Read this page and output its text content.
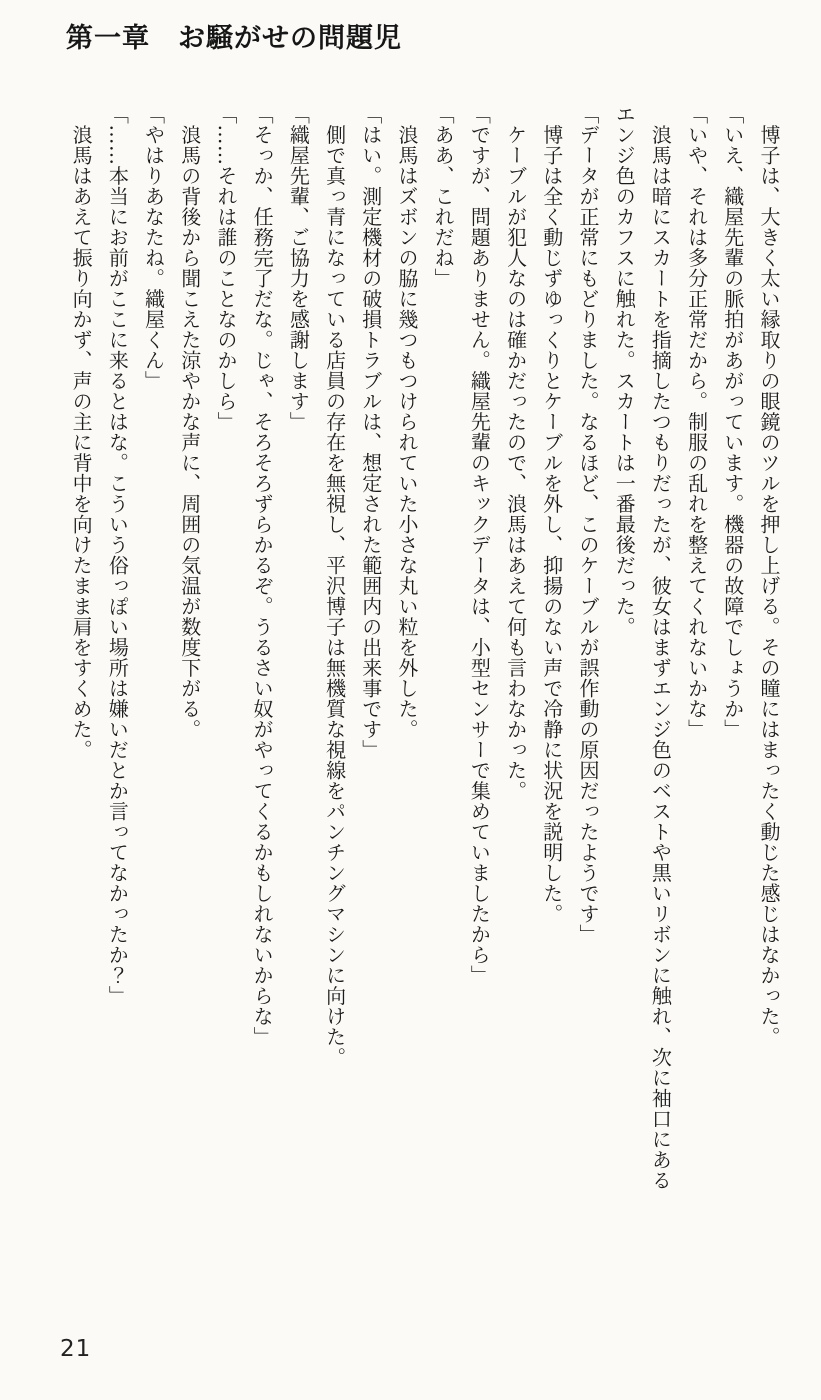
第一章　お騒がせの問題児
　博子は、大きく太い縁取りの眼鏡のツルを押し上げる。その瞳にはまったく動じた感じはなかった。
「いえ、織屋先輩の脈拍があがっています。機器の故障でしょうか」
「いや、それは多分正常だから。制服の乱れを整えてくれないかな」
　浪馬は暗にスカートを指摘したつもりだったが、彼女はまずエンジ色のベストや黒いリボンに触れ、次に袖口にある
エンジ色のカフスに触れた。スカートは一番最後だった。
「データが正常にもどりました。なるほど、このケーブルが誤作動の原因だったようです」
　博子は全く動じずゆっくりとケーブルを外し、抑揚のない声で冷静に状況を説明した。
　ケーブルが犯人なのは確かだったので、浪馬はあえて何も言わなかった。
「ですが、問題ありません。織屋先輩のキックデータは、小型センサーで集めていましたから」
「ああ、これだね」
　浪馬はズボンの脇に幾つもつけられていた小さな丸い粒を外した。
「はい。測定機材の破損トラブルは、想定された範囲内の出来事です」
　側で真っ青になっている店員の存在を無視し、平沢博子は無機質な視線をパンチングマシンに向けた。
「織屋先輩、ご協力を感謝します」
「そっか、任務完了だな。じゃ、そろそろずらかるぞ。うるさい奴がやってくるかもしれないからな」
「……それは誰のことなのかしら」
　浪馬の背後から聞こえた涼やかな声に、周囲の気温が数度下がる。
「やはりあなたね。織屋くん」
「……本当にお前がここに来るとはな。こういう俗っぽい場所は嫌いだとか言ってなかったか？」
　浪馬はあえて振り向かず、声の主に背中を向けたまま肩をすくめた。
21
